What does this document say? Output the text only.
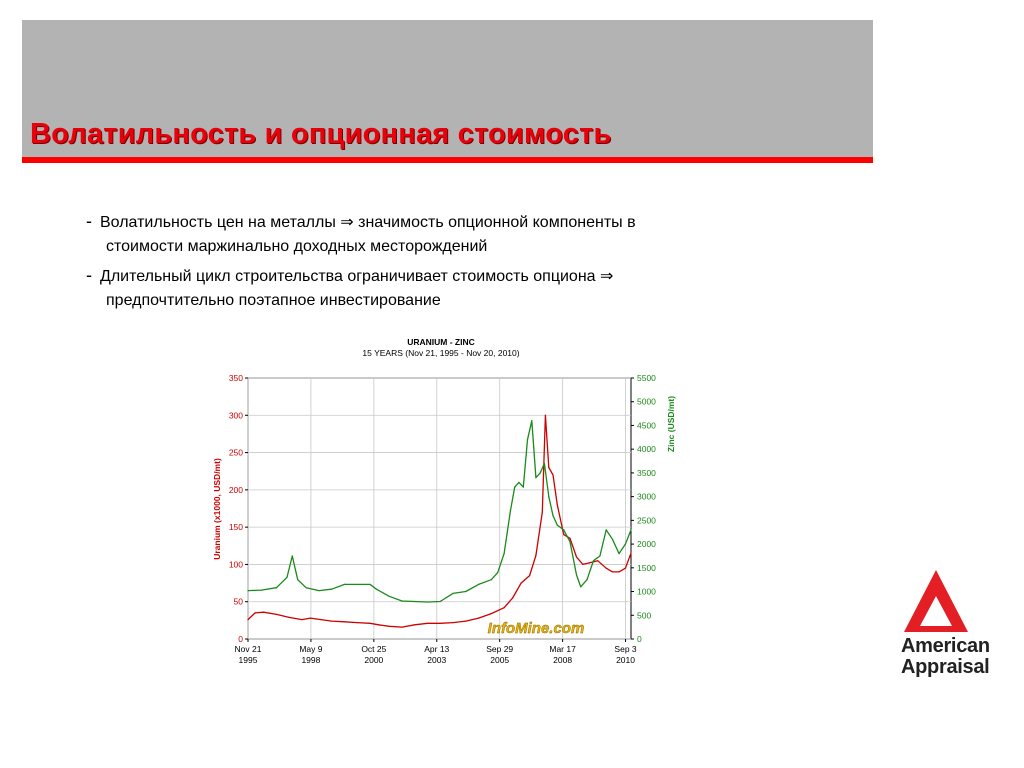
Волатильность и опционная стоимость
- Волатильность цен на металлы ⇒ значимость опционной компоненты в
стоимости маржинально доходных месторождений
- Длительный цикл строительства ограничивает стоимость опциона ⇒
предпочтительно поэтапное инвестирование
URANIUM - ZINC
15 YEARS (Nov 21, 1995 - Nov 20, 2010)
0
50
100
150
200
250
300
350
0
500
1000
1500
2000
2500
3000
3500
4000
4500
5000
5500
Nov 21
1995
May 9
1998
Oct 25
2000
Apr 13
2003
Sep 29
2005
Mar 17
2008
Sep 3
2010
Uranium (x1000, USD/mt)
Zinc (USD/mt)
InfoMine.com
American
Appraisal
